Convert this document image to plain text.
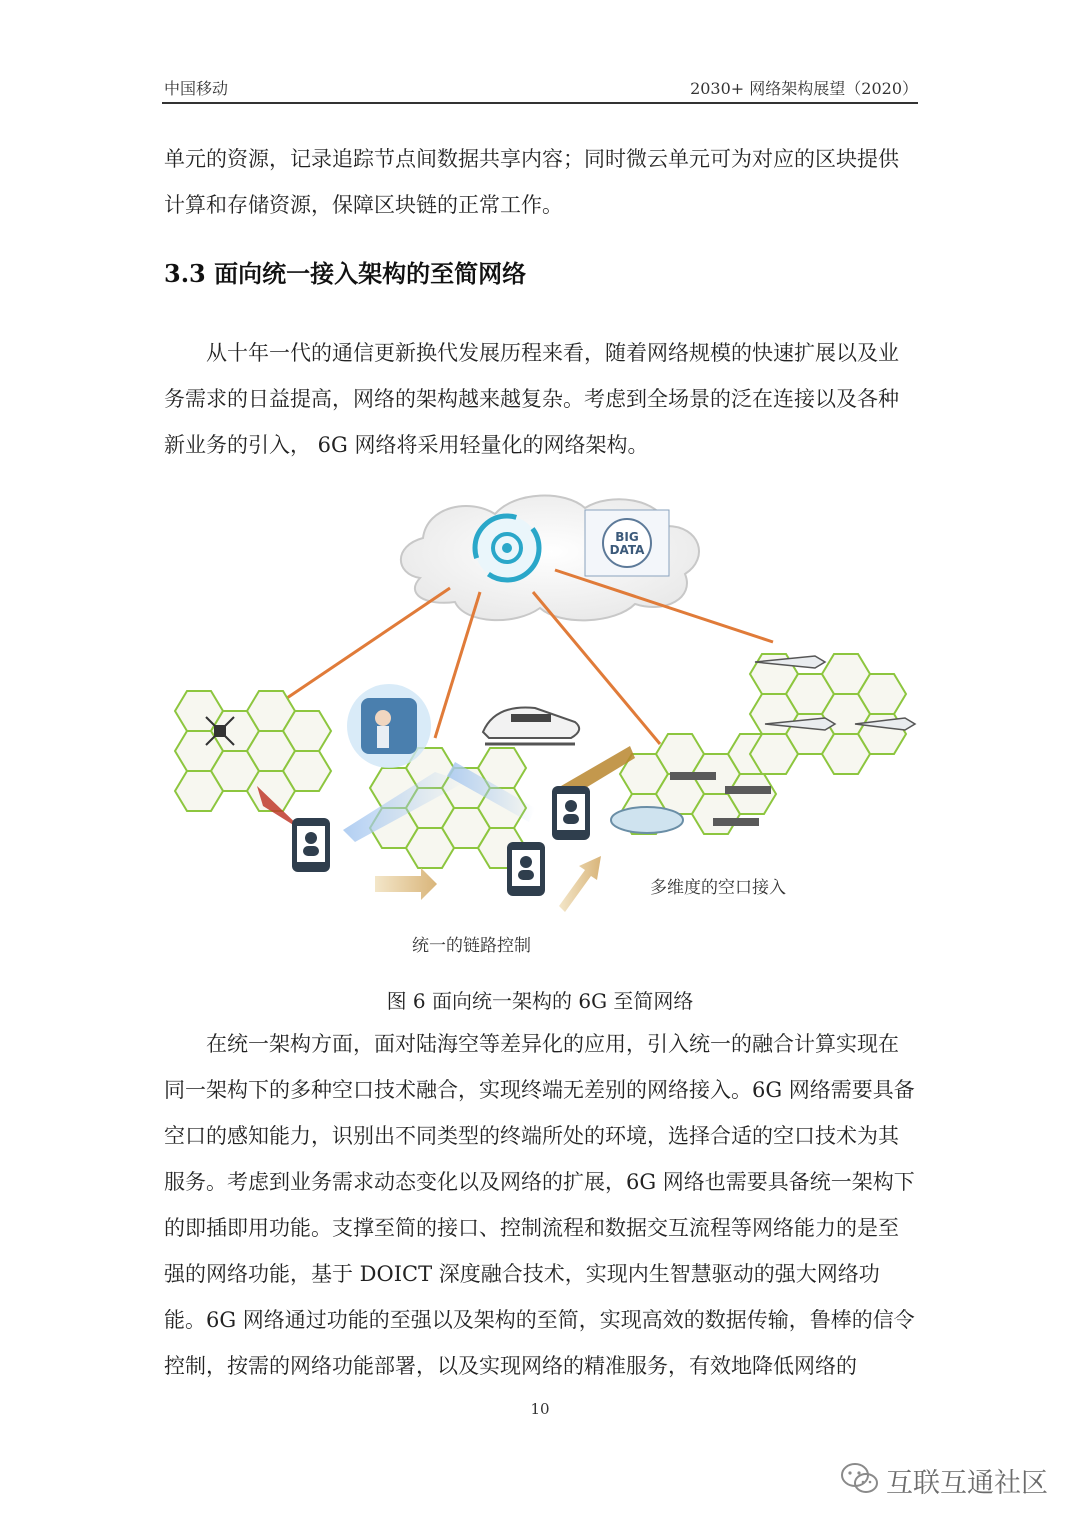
中国移动	2030+ 网络架构展望（2020）

单元的资源，记录追踪节点间数据共享内容；同时微云单元可为对应的区块提供计算和存储资源，保障区块链的正常工作。

3.3 面向统一接入架构的至简网络

从十年一代的通信更新换代发展历程来看，随着网络规模的快速扩展以及业务需求的日益提高，网络的架构越来越复杂。考虑到全场景的泛在连接以及各种新业务的引入， 6G 网络将采用轻量化的网络架构。

BIG
DATA
多维度的空口接入
统一的链路控制
图 6 面向统一架构的 6G 至简网络

在统一架构方面，面对陆海空等差异化的应用，引入统一的融合计算实现在同一架构下的多种空口技术融合，实现终端无差别的网络接入。6G 网络需要具备空口的感知能力，识别出不同类型的终端所处的环境，选择合适的空口技术为其服务。考虑到业务需求动态变化以及网络的扩展，6G 网络也需要具备统一架构下的即插即用功能。支撑至简的接口、控制流程和数据交互流程等网络能力的是至强的网络功能，基于 DOICT 深度融合技术，实现内生智慧驱动的强大网络功能。6G 网络通过功能的至强以及架构的至简，实现高效的数据传输，鲁棒的信令控制，按需的网络功能部署，以及实现网络的精准服务，有效地降低网络的

10
互联互通社区
